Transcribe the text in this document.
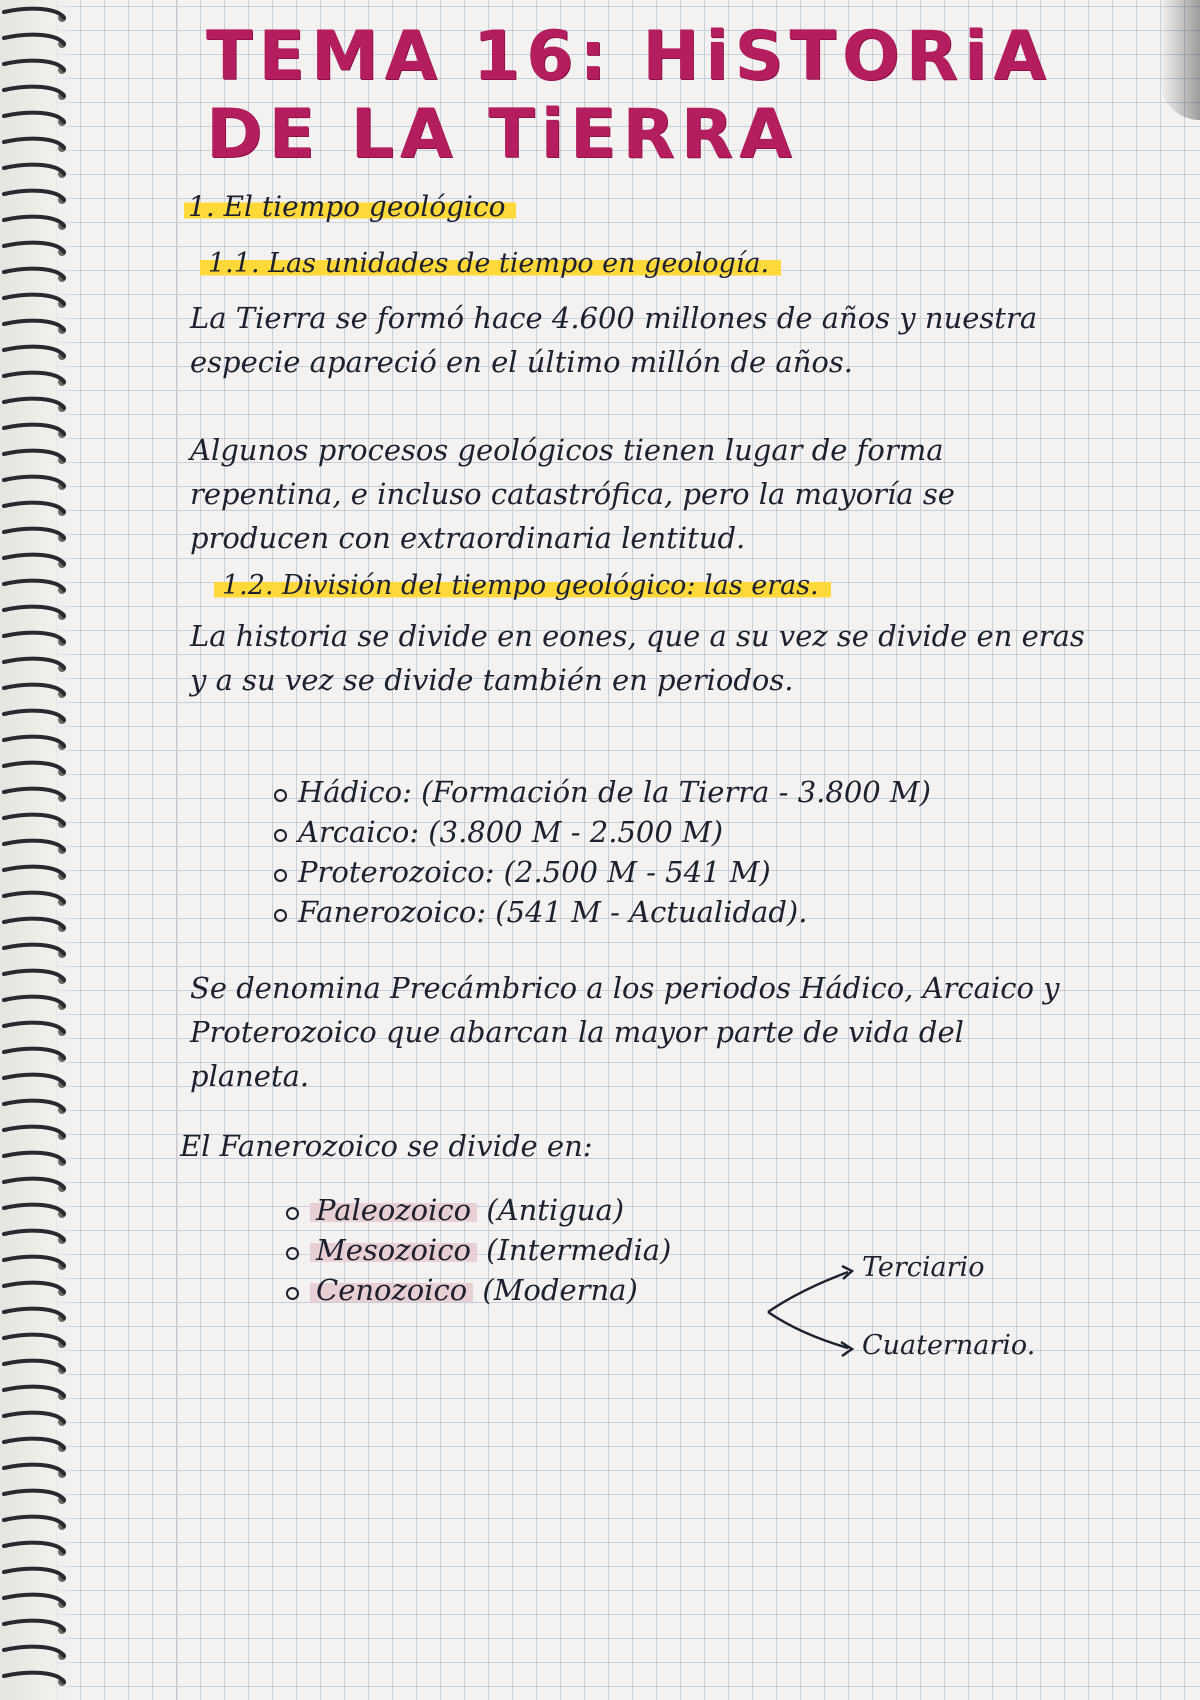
TEMA 16: HiSTORiA
DE LA TiERRA
1. El tiempo geológico
1.1. Las unidades de tiempo en geología.

La Tierra se formó hace 4.600 millones de años y nuestra especie apareció en el último millón de años.

Algunos procesos geológicos tienen lugar de forma repentina, e incluso catastrófica, pero la mayoría se producen con extraordinaria lentitud.

1.2. División del tiempo geológico: las eras.

La historia se divide en eones, que a su vez se divide en eras y a su vez se divide también en periodos.

Hádico: (Formación de la Tierra - 3.800 M)
Arcaico: (3.800 M - 2.500 M)
Proterozoico: (2.500 M - 541 M)
Fanerozoico: (541 M - Actualidad).

Se denomina Precámbrico a los periodos Hádico, Arcaico y Proterozoico que abarcan la mayor parte de vida del planeta.

El Fanerozoico se divide en:

Paleozoico (Antigua)
Mesozoico (Intermedia)
Cenozoico (Moderna)
Terciario
Cuaternario.
